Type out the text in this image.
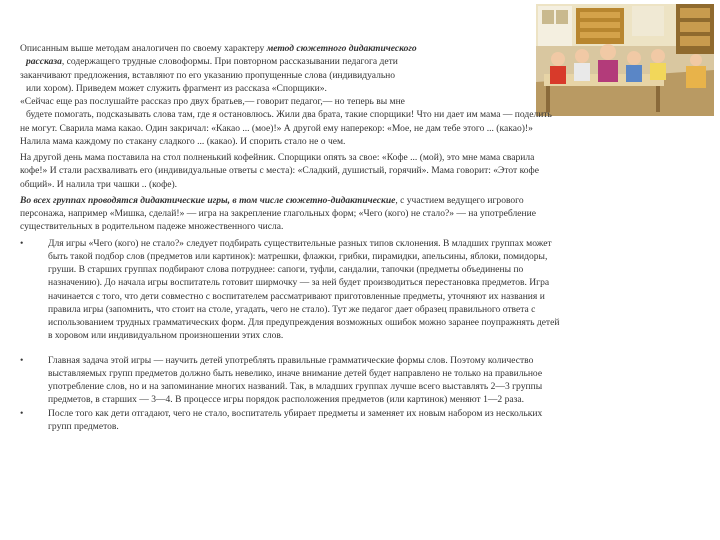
Описанным выше методам аналогичен по своему характеру метод сюжетного дидактического
рассказа, содержащего трудные словоформы. При повторном рассказывании педагога дети
заканчивают предложения, вставляют по его указанию пропущенные слова (индивидуально
или хором). Приведем может служить фрагмент из рассказа «Спорщики».

«Сейчас еще раз послушайте рассказ про двух братьев,— говорит педагог,— но теперь вы мне
будете помогать, подсказывать слова там, где я остановлюсь. Жили два брата, такие спорщики! Что ни дает им мама — поделить
не могут. Сварила мама какао. Один закричал: «Какао ... (мое)!» А другой ему наперекор: «Мое, не дам тебе этого ... (какао)!»
Налила мама каждому по стакану сладкого ... (какао). И спорить стало не о чем.

На другой день мама поставила на стол полненький кофейник. Спорщики опять за свое: «Кофе ... (мой), это мне мама сварила
кофе!» И стали расхваливать его (индивидуальные ответы с места): «Сладкий, душистый, горячий». Мама говорит: «Этот кофе
общий». И налила три чашки .. (кофе).

Во всех группах проводятся дидактические игры, в том числе сюжетно-дидактические, с участием ведущего игрового
персонажа, например «Мишка, сделай!» — игра на закрепление глагольных форм; «Чего (кого) не стало?» — на употребление
существительных в родительном падеже множественного числа.

•	Для игры «Чего (кого) не стало?» следует подбирать существительные разных типов склонения. В младших группах может
быть такой подбор слов (предметов или картинок): матрешки, флажки, грибки, пирамидки, апельсины, яблоки, помидоры,
груши. В старших группах подбирают слова потруднее: сапоги, туфли, сандалии, тапочки (предметы объединены по
назначению). До начала игры воспитатель готовит ширмочку — за ней будет производиться перестановка предметов. Игра
начинается с того, что дети совместно с воспитателем рассматривают приготовленные предметы, уточняют их названия и
правила игры (запомнить, что стоит на столе, угадать, чего не стало). Тут же педагог дает образец правильного ответа с
использованием трудных грамматических форм. Для предупреждения возможных ошибок можно заранее поупражнять детей
в хоровом или индивидуальном произношении этих слов.
•	Главная задача этой игры — научить детей употреблять правильные грамматические формы слов. Поэтому количество
выставляемых групп предметов должно быть невелико, иначе внимание детей будет направлено не только на правильное
употребление слов, но и на запоминание многих названий. Так, в младших группах лучше всего выставлять 2—3 группы
предметов, в старших — 3—4. В процессе игры порядок расположения предметов (или картинок) меняют 1—2 раза.
•	После того как дети отгадают, чего не стало, воспитатель убирает предметы и заменяет их новым набором из нескольких
групп предметов.
